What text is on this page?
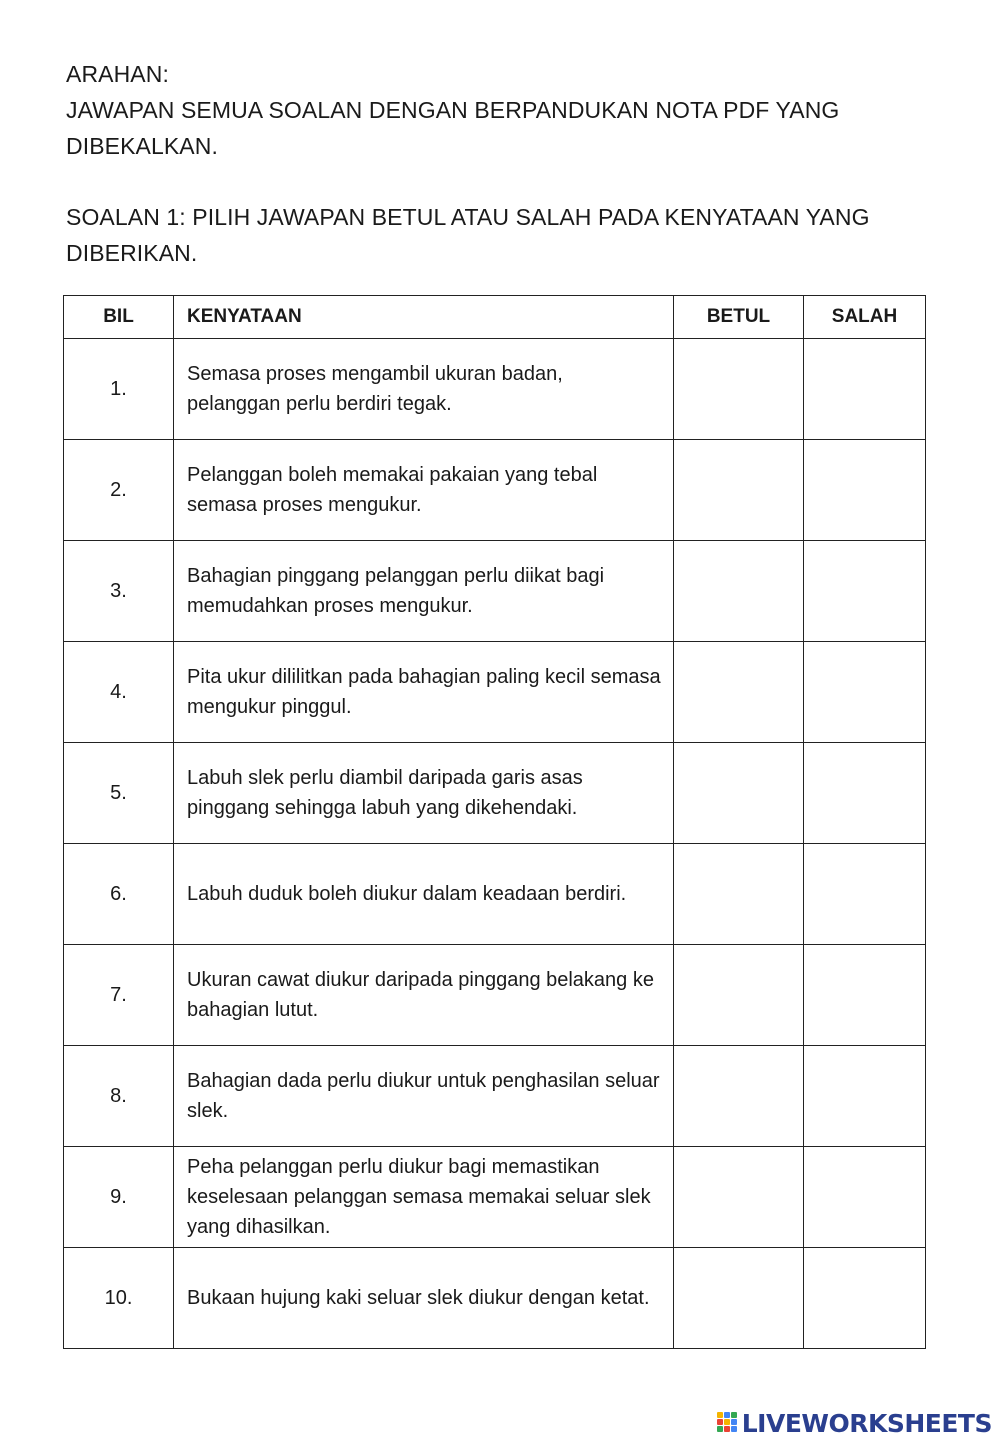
ARAHAN:

JAWAPAN SEMUA SOALAN DENGAN BERPANDUKAN NOTA PDF YANG DIBEKALKAN.

SOALAN 1: PILIH JAWAPAN BETUL ATAU SALAH PADA KENYATAAN YANG DIBERIKAN.

BIL	KENYATAAN	BETUL	SALAH
1.	Semasa proses mengambil ukuran badan, pelanggan perlu berdiri tegak.		
2.	Pelanggan boleh memakai pakaian yang tebal semasa proses mengukur.		
3.	Bahagian pinggang pelanggan perlu diikat bagi memudahkan proses mengukur.		
4.	Pita ukur dililitkan pada bahagian paling kecil semasa mengukur pinggul.		
5.	Labuh slek perlu diambil daripada garis asas pinggang sehingga labuh yang dikehendaki.		
6.	Labuh duduk boleh diukur dalam keadaan berdiri.		
7.	Ukuran cawat diukur daripada pinggang belakang ke bahagian lutut.		
8.	Bahagian dada perlu diukur untuk penghasilan seluar slek.		
9.	Peha pelanggan perlu diukur bagi memastikan keselesaan pelanggan semasa memakai seluar slek yang dihasilkan.		
10.	Bukaan hujung kaki seluar slek diukur dengan ketat.		
LIVEWORKSHEETS
